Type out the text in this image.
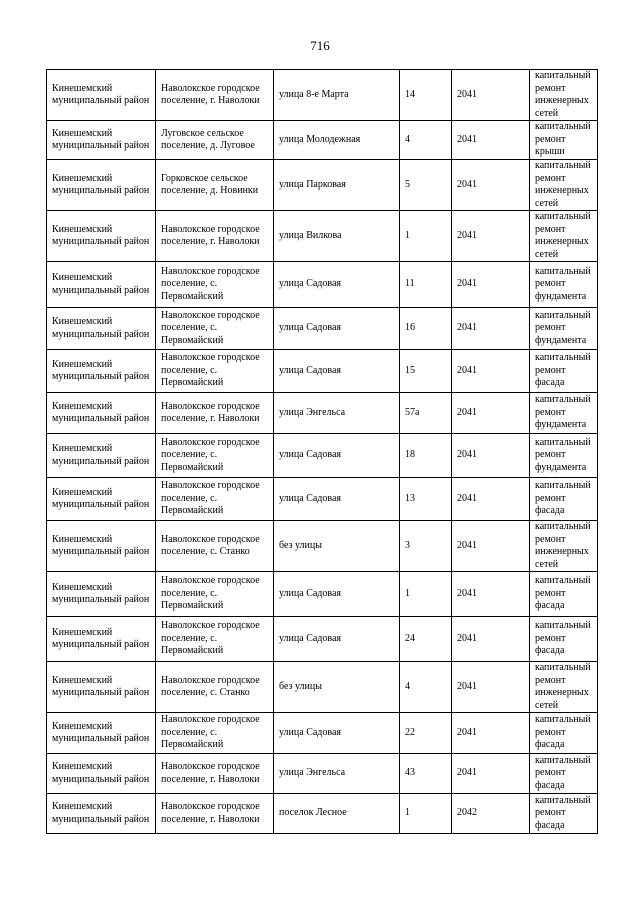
716
Кинешемский муниципальный район	Наволокское городское поселение, г. Наволоки	улица 8-е Марта	14	2041	капитальный ремонт инженерных сетей
Кинешемский муниципальный район	Луговское сельское поселение, д. Луговое	улица Молодежная	4	2041	капитальный ремонт крыши
Кинешемский муниципальный район	Горковское сельское поселение, д. Новинки	улица Парковая	5	2041	капитальный ремонт инженерных сетей
Кинешемский муниципальный район	Наволокское городское поселение, г. Наволоки	улица Вилкова	1	2041	капитальный ремонт инженерных сетей
Кинешемский муниципальный район	Наволокское городское поселение, с. Первомайский	улица Садовая	11	2041	капитальный ремонт фундамента
Кинешемский муниципальный район	Наволокское городское поселение, с. Первомайский	улица Садовая	16	2041	капитальный ремонт фундамента
Кинешемский муниципальный район	Наволокское городское поселение, с. Первомайский	улица Садовая	15	2041	капитальный ремонт фасада
Кинешемский муниципальный район	Наволокское городское поселение, г. Наволоки	улица Энгельса	57а	2041	капитальный ремонт фундамента
Кинешемский муниципальный район	Наволокское городское поселение, с. Первомайский	улица Садовая	18	2041	капитальный ремонт фундамента
Кинешемский муниципальный район	Наволокское городское поселение, с. Первомайский	улица Садовая	13	2041	капитальный ремонт фасада
Кинешемский муниципальный район	Наволокское городское поселение, с. Станко	без улицы	3	2041	капитальный ремонт инженерных сетей
Кинешемский муниципальный район	Наволокское городское поселение, с. Первомайский	улица Садовая	1	2041	капитальный ремонт фасада
Кинешемский муниципальный район	Наволокское городское поселение, с. Первомайский	улица Садовая	24	2041	капитальный ремонт фасада
Кинешемский муниципальный район	Наволокское городское поселение, с. Станко	без улицы	4	2041	капитальный ремонт инженерных сетей
Кинешемский муниципальный район	Наволокское городское поселение, с. Первомайский	улица Садовая	22	2041	капитальный ремонт фасада
Кинешемский муниципальный район	Наволокское городское поселение, г. Наволоки	улица Энгельса	43	2041	капитальный ремонт фасада
Кинешемский муниципальный район	Наволокское городское поселение, г. Наволоки	поселок Лесное	1	2042	капитальный ремонт фасада
